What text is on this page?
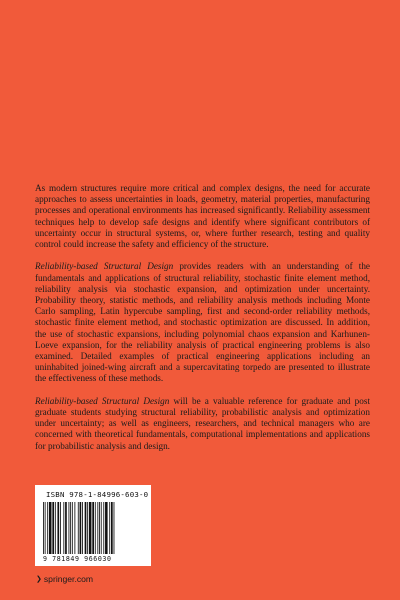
As modern structures require more critical and complex designs, the need for accurate approaches to assess uncertainties in loads, geometry, material properties, manufacturing processes and operational environments has increased significantly. Reliability assessment techniques help to develop safe designs and identify where significant contributors of uncertainty occur in structural systems, or, where further research, testing and quality control could increase the safety and efficiency of the structure.

Reliability-based Structural Design provides readers with an understanding of the fundamentals and applications of structural reliability, stochastic finite element method, reliability analysis via stochastic expansion, and optimization under uncertainty. Probability theory, statistic methods, and reliability analysis methods including Monte Carlo sampling, Latin hypercube sampling, first and second-order reliability methods, stochastic finite element method, and stochastic optimization are discussed. In addition, the use of stochastic expansions, including polynomial chaos expansion and Karhunen-Loeve expansion, for the reliability analysis of practical engineering problems is also examined. Detailed examples of practical engineering applications including an uninhabited joined-wing aircraft and a supercavitating torpedo are presented to illustrate the effectiveness of these methods.

Reliability-based Structural Design will be a valuable reference for graduate and post graduate students studying structural reliability, probabilistic analysis and optimization under uncertainty; as well as engineers, researchers, and technical managers who are concerned with theoretical fundamentals, computational implementations and applications for probabilistic analysis and design.

ISBN 978-1-84996-603-0
9 781849 966030
❯ springer.com
